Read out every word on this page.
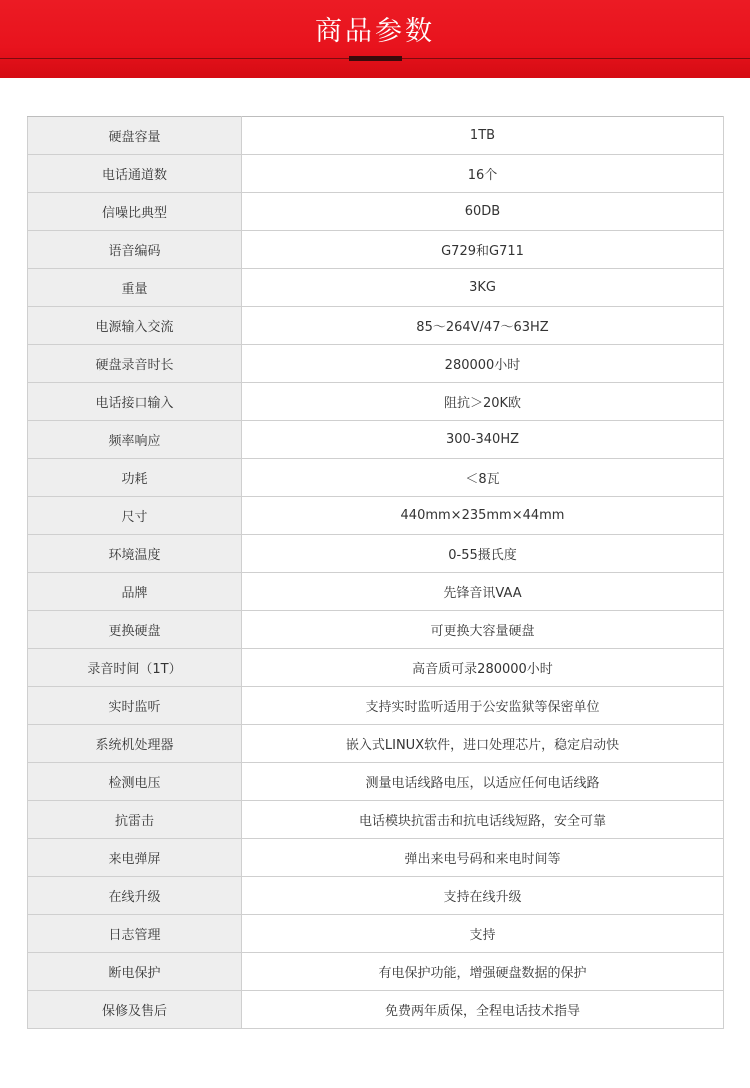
商品参数
硬盘容量	1TB
电话通道数	16个
信噪比典型	60DB
语音编码	G729和G711
重量	3KG
电源输入交流	85～264V/47～63HZ
硬盘录音时长	280000小时
电话接口输入	阻抗＞20K欧
频率响应	300-340HZ
功耗	＜8瓦
尺寸	440mm×235mm×44mm
环境温度	0-55摄氏度
品牌	先锋音讯VAA
更换硬盘	可更换大容量硬盘
录音时间（1T）	高音质可录280000小时
实时监听	支持实时监听适用于公安监狱等保密单位
系统机处理器	嵌入式LINUX软件，进口处理芯片，稳定启动快
检测电压	测量电话线路电压，以适应任何电话线路
抗雷击	电话模块抗雷击和抗电话线短路，安全可靠
来电弹屏	弹出来电号码和来电时间等
在线升级	支持在线升级
日志管理	支持
断电保护	有电保护功能，增强硬盘数据的保护
保修及售后	免费两年质保，全程电话技术指导
